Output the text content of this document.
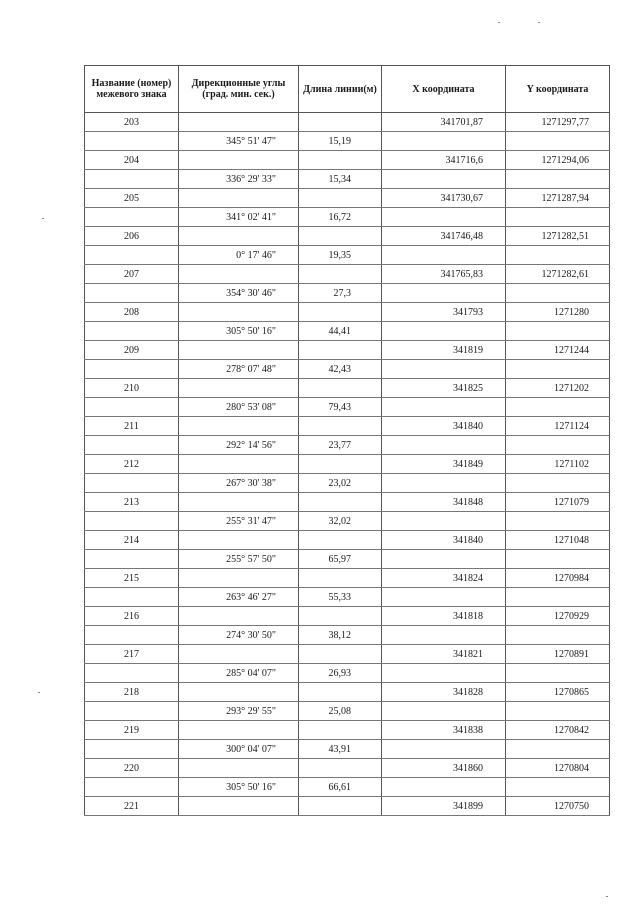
Название (номер) межевого знака	Дирекционные углы (град. мин. сек.)	Длина линии(м)	X координата	Y координата
203			341701,87	1271297,77
	345° 51' 47"	15,19		
204			341716,6	1271294,06
	336° 29' 33"	15,34		
205			341730,67	1271287,94
	341° 02' 41"	16,72		
206			341746,48	1271282,51
	0° 17' 46"	19,35		
207			341765,83	1271282,61
	354° 30' 46"	27,3		
208			341793	1271280
	305° 50' 16"	44,41		
209			341819	1271244
	278° 07' 48"	42,43		
210			341825	1271202
	280° 53' 08"	79,43		
211			341840	1271124
	292° 14' 56"	23,77		
212			341849	1271102
	267° 30' 38"	23,02		
213			341848	1271079
	255° 31' 47"	32,02		
214			341840	1271048
	255° 57' 50"	65,97		
215			341824	1270984
	263° 46' 27"	55,33		
216			341818	1270929
	274° 30' 50"	38,12		
217			341821	1270891
	285° 04' 07"	26,93		
218			341828	1270865
	293° 29' 55"	25,08		
219			341838	1270842
	300° 04' 07"	43,91		
220			341860	1270804
	305° 50' 16"	66,61		
221			341899	1270750
